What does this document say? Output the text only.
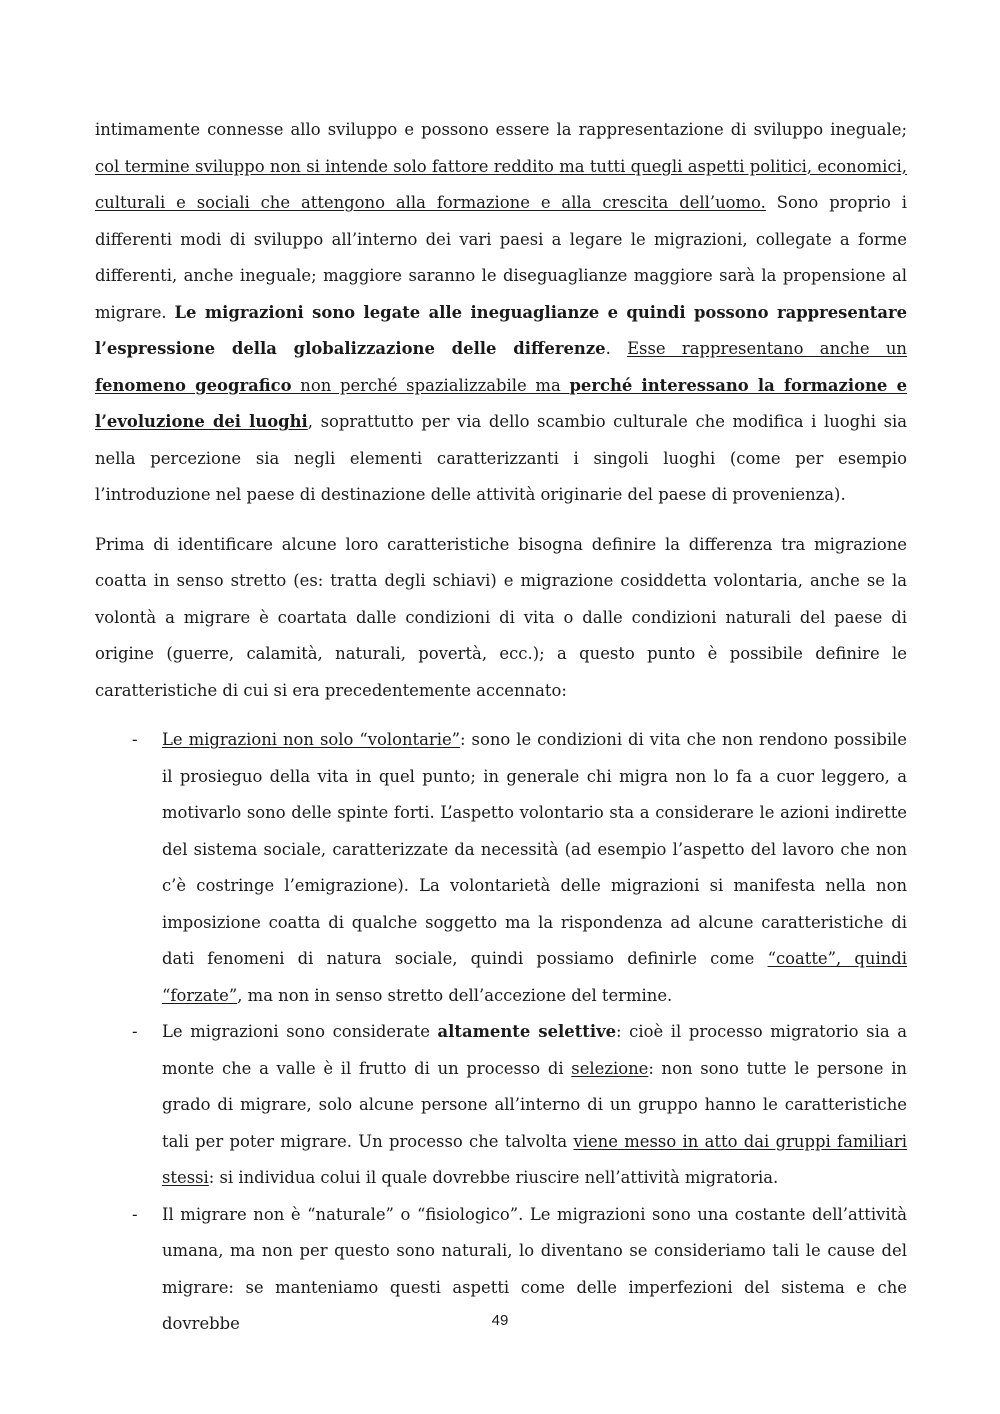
intimamente connesse allo sviluppo e possono essere la rappresentazione di sviluppo ineguale; col termine sviluppo non si intende solo fattore reddito ma tutti quegli aspetti politici, economici, culturali e sociali che attengono alla formazione e alla crescita dell’uomo. Sono proprio i differenti modi di sviluppo all’interno dei vari paesi a legare le migrazioni, collegate a forme differenti, anche ineguale; maggiore saranno le diseguaglianze maggiore sarà la propensione al migrare. Le migrazioni sono legate alle ineguaglianze e quindi possono rappresentare l’espressione della globalizzazione delle differenze. Esse rappresentano anche un fenomeno geografico non perché spazializzabile ma perché interessano la formazione e l’evoluzione dei luoghi, soprattutto per via dello scambio culturale che modifica i luoghi sia nella percezione sia negli elementi caratterizzanti i singoli luoghi (come per esempio l’introduzione nel paese di destinazione delle attività originarie del paese di provenienza).

Prima di identificare alcune loro caratteristiche bisogna definire la differenza tra migrazione coatta in senso stretto (es: tratta degli schiavi) e migrazione cosiddetta volontaria, anche se la volontà a migrare è coartata dalle condizioni di vita o dalle condizioni naturali del paese di origine (guerre, calamità, naturali, povertà, ecc.); a questo punto è possibile definire le caratteristiche di cui si era precedentemente accennato:

- Le migrazioni non solo “volontarie”: sono le condizioni di vita che non rendono possibile il prosieguo della vita in quel punto; in generale chi migra non lo fa a cuor leggero, a motivarlo sono delle spinte forti. L’aspetto volontario sta a considerare le azioni indirette del sistema sociale, caratterizzate da necessità (ad esempio l’aspetto del lavoro che non c’è costringe l’emigrazione). La volontarietà delle migrazioni si manifesta nella non imposizione coatta di qualche soggetto ma la rispondenza ad alcune caratteristiche di dati fenomeni di natura sociale, quindi possiamo definirle come “coatte”, quindi “forzate”, ma non in senso stretto dell’accezione del termine.
- Le migrazioni sono considerate altamente selettive: cioè il processo migratorio sia a monte che a valle è il frutto di un processo di selezione: non sono tutte le persone in grado di migrare, solo alcune persone all’interno di un gruppo hanno le caratteristiche tali per poter migrare. Un processo che talvolta viene messo in atto dai gruppi familiari stessi: si individua colui il quale dovrebbe riuscire nell’attività migratoria.
- Il migrare non è “naturale” o “fisiologico”. Le migrazioni sono una costante dell’attività umana, ma non per questo sono naturali, lo diventano se consideriamo tali le cause del migrare: se manteniamo questi aspetti come delle imperfezioni del sistema e che dovrebbe	49
